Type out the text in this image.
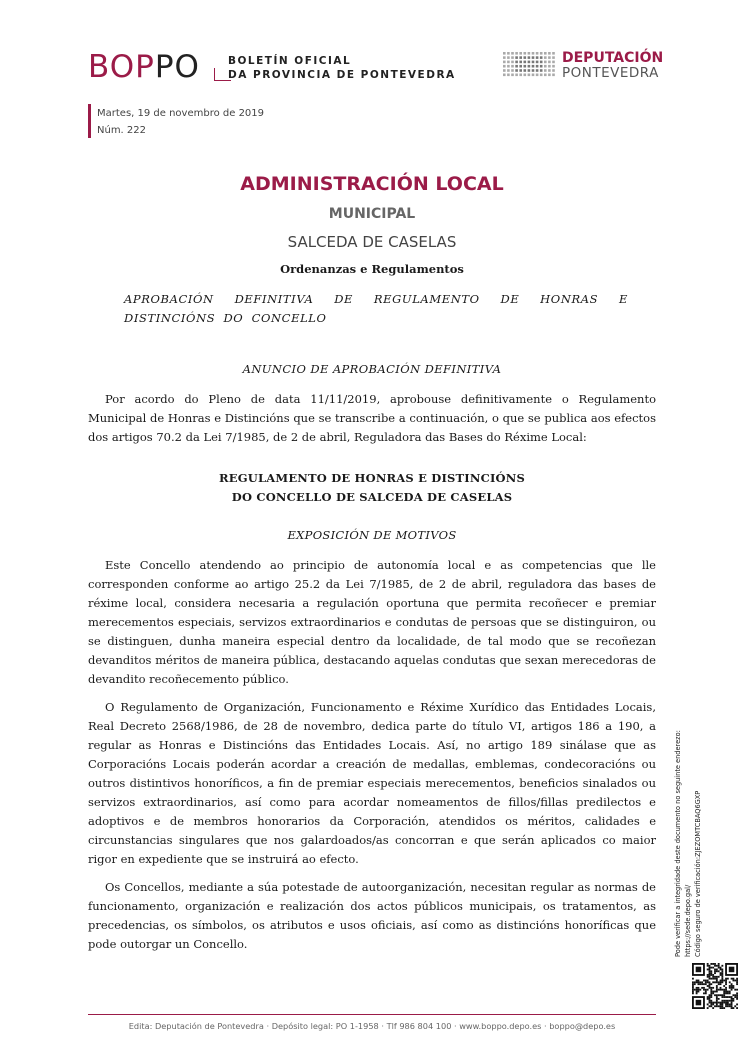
BOPPO	BOLETÍN OFICIAL
DA PROVINCIA DE PONTEVEDRA
DEPUTACIÓN
PONTEVEDRA
Martes, 19 de novembro de 2019
Núm. 222
ADMINISTRACIÓN LOCAL
MUNICIPAL
SALCEDA DE CASELAS
Ordenanzas e Regulamentos
APROBACIÓN DEFINITIVA DE REGULAMENTO DE HONRAS E DISTINCIÓNS DO CONCELLO
ANUNCIO DE APROBACIÓN DEFINITIVA
Por acordo do Pleno de data 11/11/2019, aprobouse definitivamente o Regulamento Municipal de Honras e Distincións que se transcribe a continuación, o que se publica aos efectos dos artigos 70.2 da Lei 7/1985, de 2 de abril, Reguladora das Bases do Réxime Local:
REGULAMENTO DE HONRAS E DISTINCIÓNS
DO CONCELLO DE SALCEDA DE CASELAS
EXPOSICIÓN DE MOTIVOS
Este Concello atendendo ao principio de autonomía local e as competencias que lle corresponden conforme ao artigo 25.2 da Lei 7/1985, de 2 de abril, reguladora das bases de réxime local, considera necesaria a regulación oportuna que permita recoñecer e premiar merecementos especiais, servizos extraordinarios e condutas de persoas que se distinguiron, ou se distinguen, dunha maneira especial dentro da localidade, de tal modo que se recoñezan devanditos méritos de maneira pública, destacando aquelas condutas que sexan merecedoras de devandito recoñecemento público.
O Regulamento de Organización, Funcionamento e Réxime Xurídico das Entidades Locais, Real Decreto 2568/1986, de 28 de novembro, dedica parte do título VI, artigos 186 a 190, a regular as Honras e Distincións das Entidades Locais. Así, no artigo 189 sinálase que as Corporacións Locais poderán acordar a creación de medallas, emblemas, condecoracións ou outros distintivos honoríficos, a fin de premiar especiais merecementos, beneficios sinalados ou servizos extraordinarios, así como para acordar nomeamentos de fillos/fillas predilectos e adoptivos e de membros honorarios da Corporación, atendidos os méritos, calidades e circunstancias singulares que nos galardoados/as concorran e que serán aplicados co maior rigor en expediente que se instruirá ao efecto.
Os Concellos, mediante a súa potestade de autoorganización, necesitan regular as normas de funcionamento, organización e realización dos actos públicos municipais, os tratamentos, as precedencias, os símbolos, os atributos e usos oficiais, así como as distincións honoríficas que pode outorgar un Concello.	Pode verificar a integridade deste documento no seguinte enderezo: https://sede.depo.gal/ Código seguro de verificación:ZJEZOMTCBAQ6GXP
Edita: Deputación de Pontevedra · Depósito legal: PO 1-1958 · Tlf 986 804 100 · www.boppo.depo.es · boppo@depo.es
